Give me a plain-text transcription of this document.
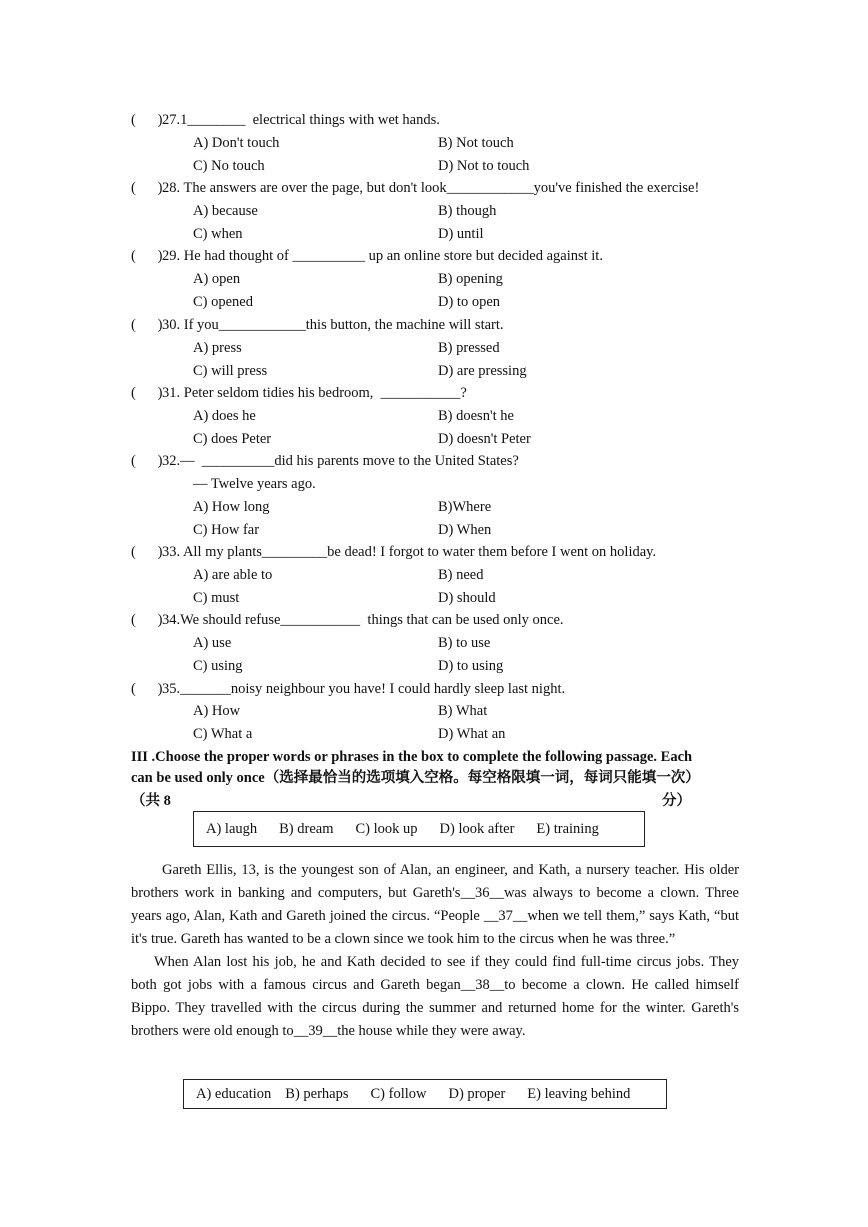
(      ) 27.1________  electrical things with wet hands.
A) Don't touch	B) Not touch
C) No touch	D) Not to touch
(      ) 28. The answers are over the page, but don't look____________you've finished the exercise!
A) because	B) though
C) when	D) until
(      ) 29. He had thought of __________ up an online store but decided against it.
A) open	B) opening
C) opened	D) to open
(      ) 30. If you____________this button, the machine will start.
A) press	B) pressed
C) will press	D) are pressing
(      ) 31. Peter seldom tidies his bedroom,  ___________?
A) does he	B) doesn't he
C) does Peter	D) doesn't Peter
(      ) 32.—  __________did his parents move to the United States?
— Twelve years ago.
A) How long	B)Where
C) How far	D) When
(      ) 33. All my plants_________be dead! I forgot to water them before I went on holiday.
A) are able to	B) need
C) must	D) should
(      ) 34.We should refuse___________  things that can be used only once.
A) use	B) to use
C) using	D) to using
(      ) 35._______noisy neighbour you have! I could hardly sleep last night.
A) How	B) What
C) What a	D) What an
III .Choose the proper words or phrases in the box to complete the following passage. Each
can be used only once（选择最恰当的选项填入空格。每空格限填一词，每词只能填一次）
（共 8	分）
A) laugh B) dream C) look up D) look after E) training

Gareth Ellis, 13, is the youngest son of Alan, an engineer, and Kath, a nursery teacher. His older brothers work in banking and computers, but Gareth's__36__was always to become a clown. Three years ago, Alan, Kath and Gareth joined the circus. “People __37__when we tell them,” says Kath, “but it's true. Gareth has wanted to be a clown since we took him to the circus when he was three.”

When Alan lost his job, he and Kath decided to see if they could find full-time circus jobs. They both got jobs with a famous circus and Gareth began__38__to become a clown. He called himself Bippo. They travelled with the circus during the summer and returned home for the winter. Gareth's brothers were old enough to__39__the house while they were away.

A) education B) perhaps C) follow D) proper E) leaving behind
